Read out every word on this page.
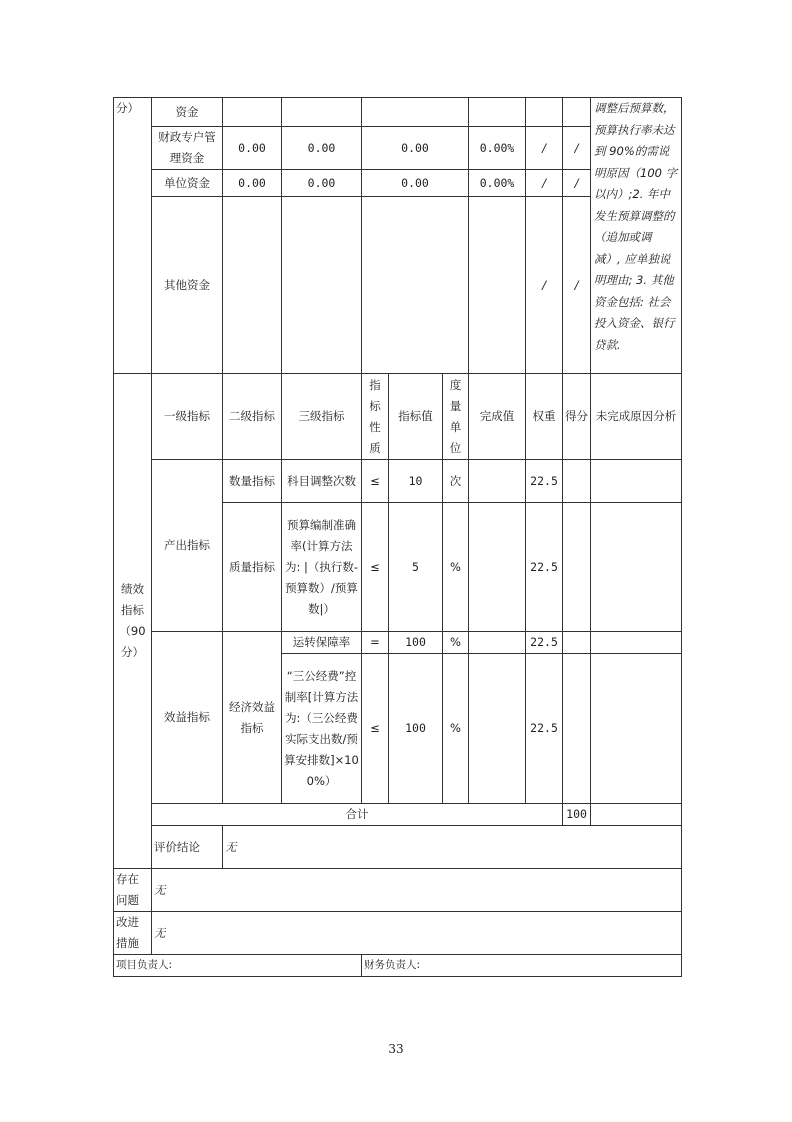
分）	资金									调整后预算数，预算执行率未达到 90%的需说明原因（100 字以内）;2. 年中发生预算调整的（追加或调减）, 应单独说明理由; 3. 其他资金包括: 社会投入资金、银行贷款.	
	财政专户管理资金	0.00	0.00	0.00			0.00%	/	/		
	单位资金	0.00	0.00	0.00			0.00%	/	/		
	其他资金							/	/		
绩效指标（90分）	一级指标	二级指标	三级指标	指标性质	指标值	度量单位	完成值	权重	得分	未完成原因分析	
	产出指标	数量指标	科目调整次数	≤	10	次		22.5			
		质量指标	预算编制准确率(计算方法为: |（执行数-预算数）/预算数|）	≤	5	%		22.5			
	效益指标	经济效益指标	运转保障率	=	100	%		22.5			
			“三公经费”控制率[计算方法为:（三公经费实际支出数/预算安排数]×100%）	≤	100	%		22.5			
	合计								100		
	评价结论	无									
存在问题	无										
改进措施	无										
项目负责人:				财务负责人:							
33
